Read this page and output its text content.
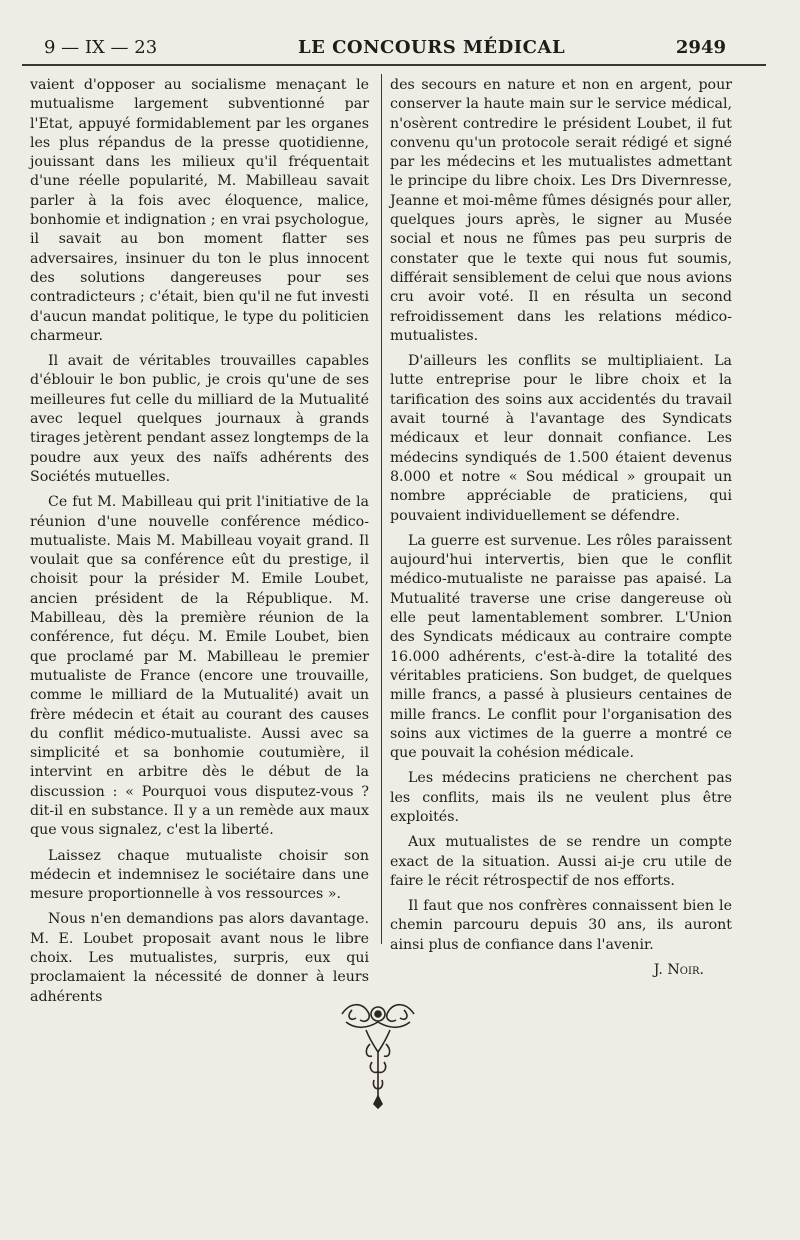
9 — IX — 23	LE CONCOURS MÉDICAL	2949

vaient d'opposer au socialisme menaçant le mutualisme largement subventionné par l'Etat, appuyé formidablement par les organes les plus répandus de la presse quotidienne, jouissant dans les milieux qu'il fréquentait d'une réelle popularité, M. Mabilleau savait parler à la fois avec éloquence, malice, bonhomie et indignation ; en vrai psychologue, il savait au bon moment flatter ses adversaires, insinuer du ton le plus innocent des solutions dangereuses pour ses contradicteurs ; c'était, bien qu'il ne fut investi d'aucun mandat politique, le type du politicien charmeur.

Il avait de véritables trouvailles capables d'éblouir le bon public, je crois qu'une de ses meilleures fut celle du milliard de la Mutualité avec lequel quelques journaux à grands tirages jetèrent pendant assez longtemps de la poudre aux yeux des naïfs adhérents des Sociétés mutuelles.

Ce fut M. Mabilleau qui prit l'initiative de la réunion d'une nouvelle conférence médico-mutualiste. Mais M. Mabilleau voyait grand. Il voulait que sa conférence eût du prestige, il choisit pour la présider M. Emile Loubet, ancien président de la République. M. Mabilleau, dès la première réunion de la conférence, fut déçu. M. Emile Loubet, bien que proclamé par M. Mabilleau le premier mutualiste de France (encore une trouvaille, comme le milliard de la Mutualité) avait un frère médecin et était au courant des causes du conflit médico-mutualiste. Aussi avec sa simplicité et sa bonhomie coutumière, il intervint en arbitre dès le début de la discussion : « Pourquoi vous disputez-vous ? dit-il en substance. Il y a un remède aux maux que vous signalez, c'est la liberté.

Laissez chaque mutualiste choisir son médecin et indemnisez le sociétaire dans une mesure proportionnelle à vos ressources ».

Nous n'en demandions pas alors davantage. M. E. Loubet proposait avant nous le libre choix. Les mutualistes, surpris, eux qui proclamaient la nécessité de donner à leurs adhérents

des secours en nature et non en argent, pour conserver la haute main sur le service médical, n'osèrent contredire le président Loubet, il fut convenu qu'un protocole serait rédigé et signé par les médecins et les mutualistes admettant le principe du libre choix. Les Drs Divernresse, Jeanne et moi-même fûmes désignés pour aller, quelques jours après, le signer au Musée social et nous ne fûmes pas peu surpris de constater que le texte qui nous fut soumis, différait sensiblement de celui que nous avions cru avoir voté. Il en résulta un second refroidissement dans les relations médico-mutualistes.

D'ailleurs les conflits se multipliaient. La lutte entreprise pour le libre choix et la tarification des soins aux accidentés du travail avait tourné à l'avantage des Syndicats médicaux et leur donnait confiance. Les médecins syndiqués de 1.500 étaient devenus 8.000 et notre « Sou médical » groupait un nombre appréciable de praticiens, qui pouvaient individuellement se défendre.

La guerre est survenue. Les rôles paraissent aujourd'hui intervertis, bien que le conflit médico-mutualiste ne paraisse pas apaisé. La Mutualité traverse une crise dangereuse où elle peut lamentablement sombrer. L'Union des Syndicats médicaux au contraire compte 16.000 adhérents, c'est-à-dire la totalité des véritables praticiens. Son budget, de quelques mille francs, a passé à plusieurs centaines de mille francs. Le conflit pour l'organisation des soins aux victimes de la guerre a montré ce que pouvait la cohésion médicale.

Les médecins praticiens ne cherchent pas les conflits, mais ils ne veulent plus être exploités.

Aux mutualistes de se rendre un compte exact de la situation. Aussi ai-je cru utile de faire le récit rétrospectif de nos efforts.

Il faut que nos confrères connaissent bien le chemin parcouru depuis 30 ans, ils auront ainsi plus de confiance dans l'avenir.

J. Noir.
